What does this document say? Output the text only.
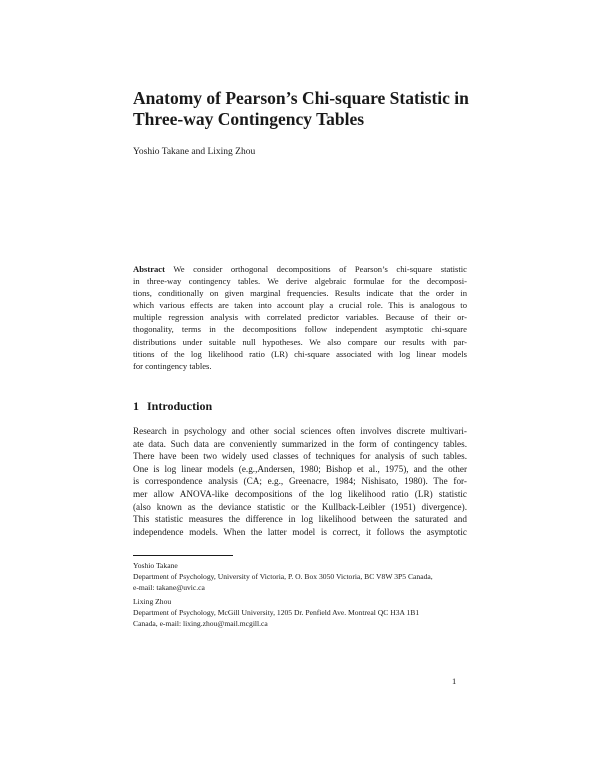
Anatomy of Pearson’s Chi-square Statistic in
Three-way Contingency Tables
Yoshio Takane and Lixing Zhou
Abstract We consider orthogonal decompositions of Pearson’s chi-square statistic
in three-way contingency tables. We derive algebraic formulae for the decomposi-
tions, conditionally on given marginal frequencies. Results indicate that the order in
which various effects are taken into account play a crucial role. This is analogous to
multiple regression analysis with correlated predictor variables. Because of their or-
thogonality, terms in the decompositions follow independent asymptotic chi-square
distributions under suitable null hypotheses. We also compare our results with par-
titions of the log likelihood ratio (LR) chi-square associated with log linear models
for contingency tables.
1 Introduction
Research in psychology and other social sciences often involves discrete multivari-
ate data. Such data are conveniently summarized in the form of contingency tables.
There have been two widely used classes of techniques for analysis of such tables.
One is log linear models (e.g.,Andersen, 1980; Bishop et al., 1975), and the other
is correspondence analysis (CA; e.g., Greenacre, 1984; Nishisato, 1980). The for-
mer allow ANOVA-like decompositions of the log likelihood ratio (LR) statistic
(also known as the deviance statistic or the Kullback-Leibler (1951) divergence).
This statistic measures the difference in log likelihood between the saturated and
independence models. When the latter model is correct, it follows the asymptotic
Yoshio Takane
Department of Psychology, University of Victoria, P. O. Box 3050 Victoria, BC V8W 3P5 Canada,
e-mail: takane@uvic.ca
Lixing Zhou
Department of Psychology, McGill University, 1205 Dr. Penfield Ave. Montreal QC H3A 1B1
Canada, e-mail: lixing.zhou@mail.mcgill.ca
1
